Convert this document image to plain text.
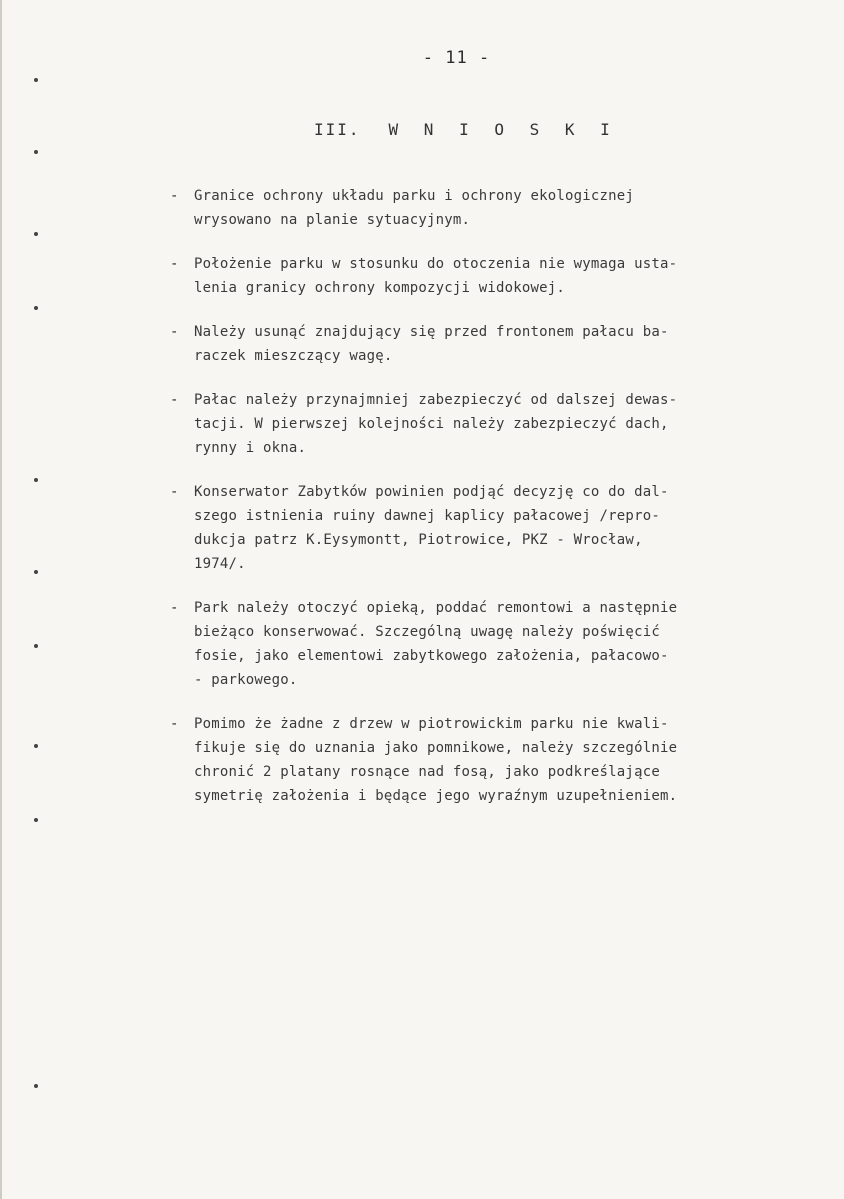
- 11 -
III. W N I O S K I
- Granice ochrony układu parku i ochrony ekologicznej
wrysowano na planie sytuacyjnym.
- Położenie parku w stosunku do otoczenia nie wymaga usta-
lenia granicy ochrony kompozycji widokowej.
- Należy usunąć znajdujący się przed frontonem pałacu ba-
raczek mieszczący wagę.
- Pałac należy przynajmniej zabezpieczyć od dalszej dewas-
tacji. W pierwszej kolejności należy zabezpieczyć dach,
rynny i okna.
- Konserwator Zabytków powinien podjąć decyzję co do dal-
szego istnienia ruiny dawnej kaplicy pałacowej /repro-
dukcja patrz K.Eysymontt, Piotrowice, PKZ - Wrocław,
1974/.
- Park należy otoczyć opieką, poddać remontowi a następnie
bieżąco konserwować. Szczególną uwagę należy poświęcić
fosie, jako elementowi zabytkowego założenia, pałacowo-
- parkowego.
- Pomimo że żadne z drzew w piotrowickim parku nie kwali-
fikuje się do uznania jako pomnikowe, należy szczególnie
chronić 2 platany rosnące nad fosą, jako podkreślające
symetrię założenia i będące jego wyraźnym uzupełnieniem.
